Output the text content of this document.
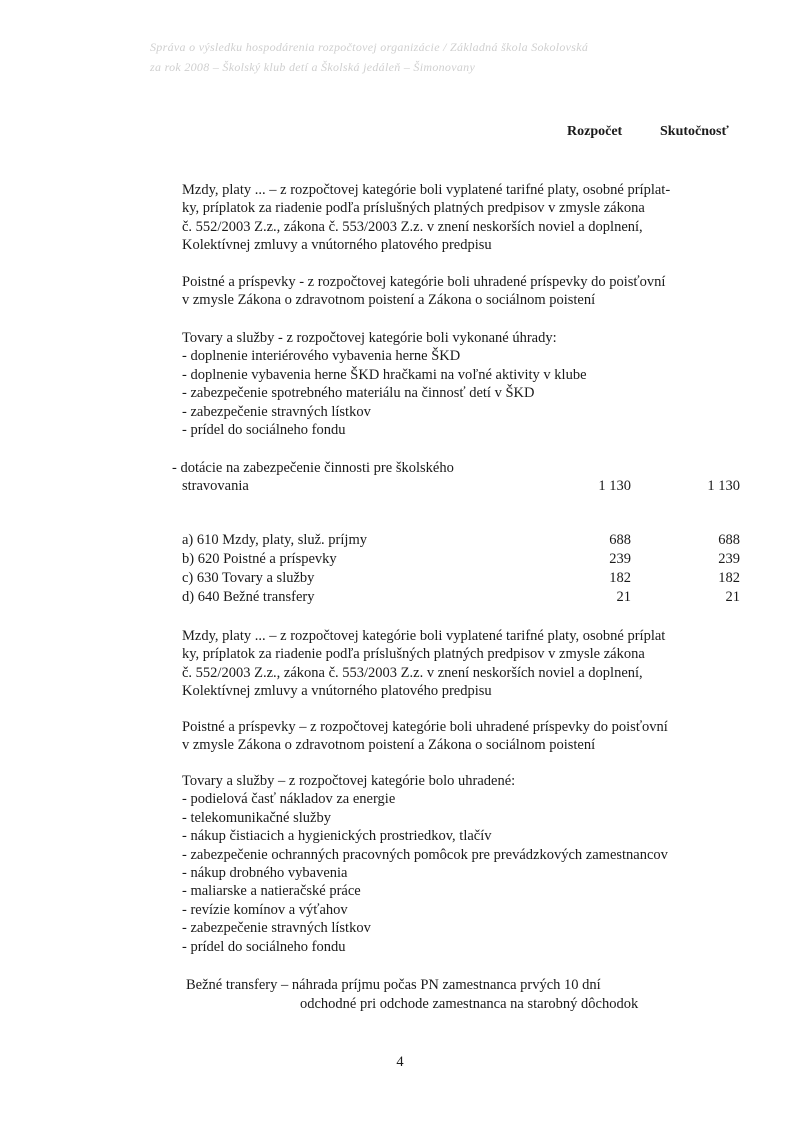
Správa o výsledku hospodárenia rozpočtovej organizácie / Základná škola Sokolovská
za rok 2008 – Školský klub detí a Školská jedáleň – Šimonovany
Rozpočet	Skutočnosť
Mzdy, platy ... – z rozpočtovej kategórie boli vyplatené tarifné platy, osobné príplat-
ky, príplatok za riadenie podľa príslušných platných predpisov v zmysle zákona
č. 552/2003 Z.z., zákona č. 553/2003 Z.z. v znení neskorších noviel a doplnení,
Kolektívnej zmluvy a vnútorného platového predpisu
Poistné a príspevky - z rozpočtovej kategórie boli uhradené príspevky do poisťovní
v zmysle Zákona o zdravotnom poistení a Zákona o sociálnom poistení
Tovary a služby - z rozpočtovej kategórie boli vykonané úhrady:
- doplnenie interiérového vybavenia herne ŠKD
- doplnenie vybavenia herne ŠKD hračkami na voľné aktivity v klube
- zabezpečenie spotrebného materiálu na činnosť detí v ŠKD
- zabezpečenie stravných lístkov
- prídel do sociálneho fondu
- dotácie na zabezpečenie činnosti pre školského
stravovania	1 130	1 130
a) 610 Mzdy, platy, služ. príjmy	688	688
b) 620 Poistné a príspevky	239	239
c) 630 Tovary a služby	182	182
d) 640 Bežné transfery	21	21
Mzdy, platy ... – z rozpočtovej kategórie boli vyplatené tarifné platy, osobné príplat
ky, príplatok za riadenie podľa príslušných platných predpisov v zmysle zákona
č. 552/2003 Z.z., zákona č. 553/2003 Z.z. v znení neskorších noviel a doplnení,
Kolektívnej zmluvy a vnútorného platového predpisu
Poistné a príspevky – z rozpočtovej kategórie boli uhradené príspevky do poisťovní
v zmysle Zákona o zdravotnom poistení a Zákona o sociálnom poistení
Tovary a služby – z rozpočtovej kategórie bolo uhradené:
- podielová časť nákladov za energie
- telekomunikačné služby
- nákup čistiacich a hygienických prostriedkov, tlačív
- zabezpečenie ochranných pracovných pomôcok pre prevádzkových zamestnancov
- nákup drobného vybavenia
- maliarske a natieračské práce
- revízie komínov a výťahov
- zabezpečenie stravných lístkov
- prídel do sociálneho fondu
Bežné transfery – náhrada príjmu počas PN zamestnanca prvých 10 dní
odchodné pri odchode zamestnanca na starobný dôchodok
4
